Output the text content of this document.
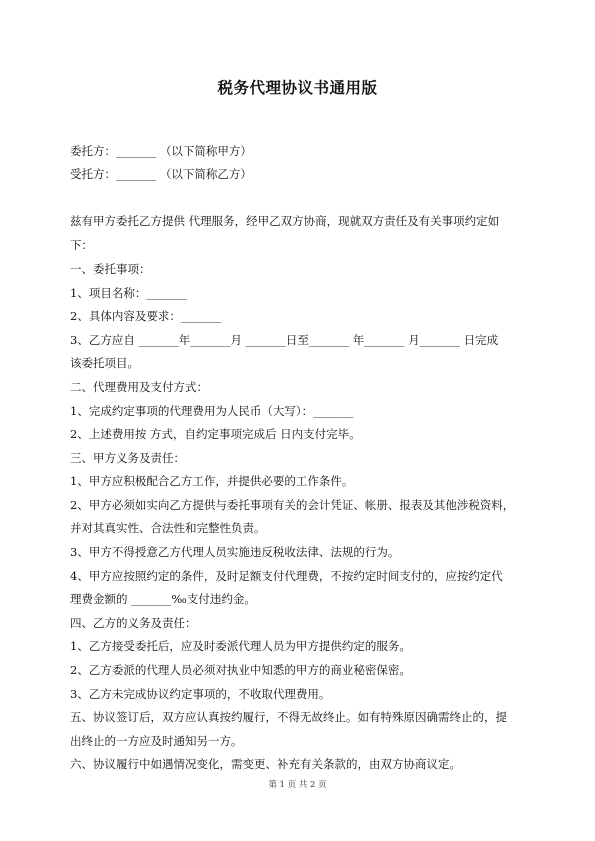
税务代理协议书通用版
委托方：_______ （以下简称甲方）
受托方：_______ （以下简称乙方）
兹有甲方委托乙方提供 代理服务，经甲乙双方协商，现就双方责任及有关事项约定如
下：
一、委托事项：
1、项目名称：_______
2、具体内容及要求：_______
3、乙方应自 _______年_______月 _______日至_______ 年_______ 月_______ 日完成
该委托项目。
二、代理费用及支付方式：
1、完成约定事项的代理费用为人民币（大写）：_______
2、上述费用按 方式，自约定事项完成后 日内支付完毕。
三、甲方义务及责任：
1、甲方应积极配合乙方工作，并提供必要的工作条件。
2、甲方必须如实向乙方提供与委托事项有关的会计凭证、帐册、报表及其他涉税资料，
并对其真实性、合法性和完整性负责。
3、甲方不得授意乙方代理人员实施违反税收法律、法规的行为。
4、甲方应按照约定的条件，及时足额支付代理费，不按约定时间支付的，应按约定代
理费金额的 _______‰支付违约金。
四、乙方的义务及责任：
1、乙方接受委托后，应及时委派代理人员为甲方提供约定的服务。
2、乙方委派的代理人员必须对执业中知悉的甲方的商业秘密保密。
3、乙方未完成协议约定事项的，不收取代理费用。
五、协议签订后，双方应认真按约履行，不得无故终止。如有特殊原因确需终止的，提
出终止的一方应及时通知另一方。
六、协议履行中如遇情况变化，需变更、补充有关条款的，由双方协商议定。
第 1 页 共 2 页
